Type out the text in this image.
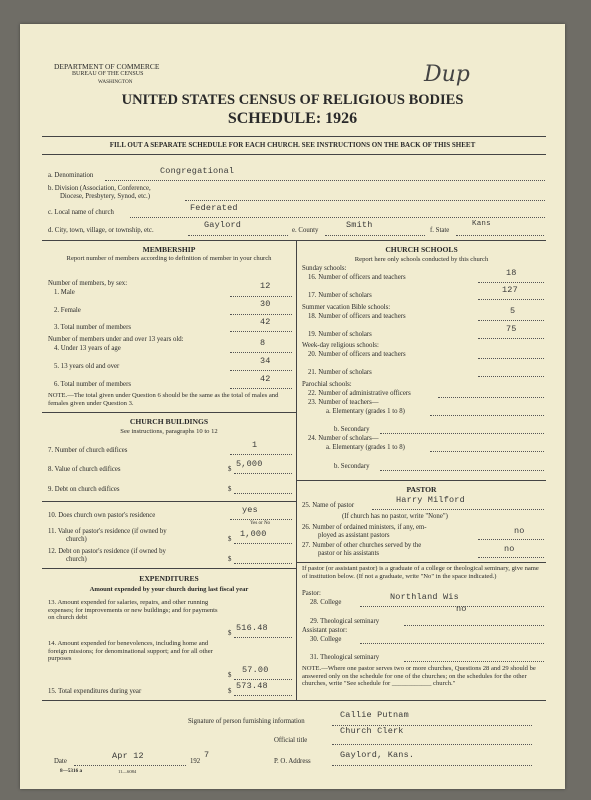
DEPARTMENT OF COMMERCE
BUREAU OF THE CENSUS
WASHINGTON	Dup
UNITED STATES CENSUS OF RELIGIOUS BODIES
SCHEDULE: 1926
FILL OUT A SEPARATE SCHEDULE FOR EACH CHURCH. SEE INSTRUCTIONS ON THE BACK OF THIS SHEET
a. Denomination	Congregational
b. Division (Association, Conference,
Diocese, Presbytery, Synod, etc.)
c. Local name of church	Federated
d. City, town, village, or township, etc.
Gaylord
e. County
Smith
f. State
Kans
MEMBERSHIP
Report number of members according to definition of member in your church
Number of members, by sex:
1. Male
12
2. Female
30
3. Total number of members
42
Number of members under and over 13 years old:
4. Under 13 years of age
8
5. 13 years old and over
34
6. Total number of members
42
NOTE.—The total given under Question 6 should be the same as the total of males and females given under Question 3.
CHURCH BUILDINGS
See instructions, paragraphs 10 to 12
7. Number of church edifices
1
8. Value of church edifices	$
5,000
9. Debt on church edifices	$
10. Does church own pastor's residence
yes
Yes or No
11. Value of pastor's residence (if owned by
church)	$
1,000
12. Debt on pastor's residence (if owned by
church)	$
EXPENDITURES
Amount expended by your church during last fiscal year
13. Amount expended for salaries, repairs, and other running expenses; for improvements or new buildings; and for payments on church debt
$
516.48
14. Amount expended for benevolences, including home and foreign missions; for denominational support; and for all other purposes
$
57.00
15. Total expenditures during year	$
573.48
CHURCH SCHOOLS
Report here only schools conducted by this church
Sunday schools:
16. Number of officers and teachers	18
17. Number of scholars
127
Summer vacation Bible schools:
18. Number of officers and teachers
5
19. Number of scholars
75
Week-day religious schools:
20. Number of officers and teachers
21. Number of scholars
Parochial schools:
22. Number of administrative officers
23. Number of teachers—
a. Elementary (grades 1 to 8)
b. Secondary
24. Number of scholars—
a. Elementary (grades 1 to 8)
b. Secondary
PASTOR
25. Name of pastor
Harry Milford
(If church has no pastor, write "None")
26. Number of ordained ministers, if any, em-
ployed as assistant pastors	no
27. Number of other churches served by the
pastor or his assistants	no
If pastor (or assistant pastor) is a graduate of a college or theological seminary, give name of institution below. (If not a graduate, write "No" in the space indicated.)
Pastor:
28. College
Northland Wis
no
29. Theological seminary
Assistant pastor:
30. College
31. Theological seminary
NOTE.—Where one pastor serves two or more churches, Questions 28 and 29 should be answered only on the schedule for one of the churches; on the schedules for the other churches, write "See schedule for ____________ church."
Signature of person furnishing information
Callie Putnam
Church Clerk
Official title
Date
Apr 12
192
7
P. O. Address
Gaylord, Kans.
8—5316 a	11—6084
